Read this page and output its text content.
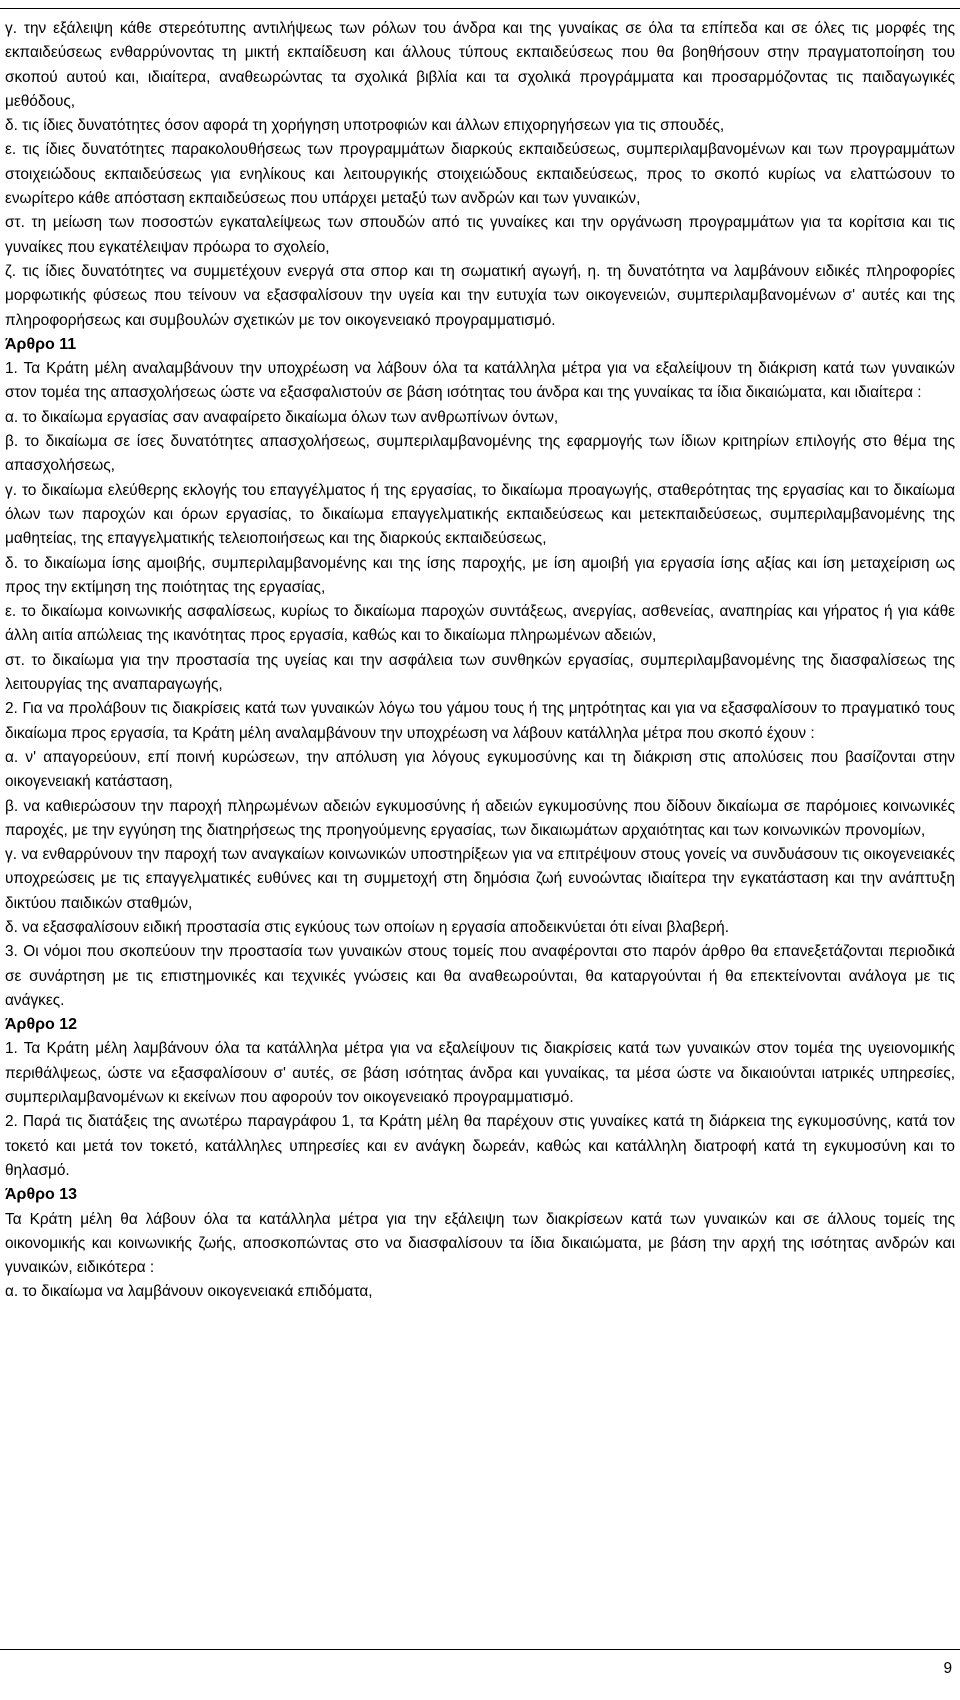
γ. την εξάλειψη κάθε στερεότυπης αντιλήψεως των ρόλων του άνδρα και της γυναίκας σε όλα τα επίπεδα και σε όλες τις μορφές της εκπαιδεύσεως ενθαρρύνοντας τη μικτή εκπαίδευση και άλλους τύπους εκπαιδεύσεως που θα βοηθήσουν στην πραγματοποίηση του σκοπού αυτού και, ιδιαίτερα, αναθεωρώντας τα σχολικά βιβλία και τα σχολικά προγράμματα και προσαρμόζοντας τις παιδαγωγικές μεθόδους,

δ. τις ίδιες δυνατότητες όσον αφορά τη χορήγηση υποτροφιών και άλλων επιχορηγήσεων για τις σπουδές,

ε. τις ίδιες δυνατότητες παρακολουθήσεως των προγραμμάτων διαρκούς εκπαιδεύσεως, συμπεριλαμβανομένων και των προγραμμάτων στοιχειώδους εκπαιδεύσεως για ενηλίκους και λειτουργικής στοιχειώδους εκπαιδεύσεως, προς το σκοπό κυρίως να ελαττώσουν το ενωρίτερο κάθε απόσταση εκπαιδεύσεως που υπάρχει μεταξύ των ανδρών και των γυναικών,

στ. τη μείωση των ποσοστών εγκαταλείψεως των σπουδών από τις γυναίκες και την οργάνωση προγραμμάτων για τα κορίτσια και τις γυναίκες που εγκατέλειψαν πρόωρα το σχολείο,

ζ. τις ίδιες δυνατότητες να συμμετέχουν ενεργά στα σπορ και τη σωματική αγωγή, η. τη δυνατότητα να λαμβάνουν ειδικές πληροφορίες μορφωτικής φύσεως που τείνουν να εξασφαλίσουν την υγεία και την ευτυχία των οικογενειών, συμπεριλαμβανομένων σ' αυτές και της πληροφορήσεως και συμβουλών σχετικών με τον οικογενειακό προγραμματισμό.

Άρθρο 11

1. Τα Κράτη μέλη αναλαμβάνουν την υποχρέωση να λάβουν όλα τα κατάλληλα μέτρα για να εξαλείψουν τη διάκριση κατά των γυναικών στον τομέα της απασχολήσεως ώστε να εξασφαλιστούν σε βάση ισότητας του άνδρα και της γυναίκας τα ίδια δικαιώματα, και ιδιαίτερα :

α. το δικαίωμα εργασίας σαν αναφαίρετο δικαίωμα όλων των ανθρωπίνων όντων,

β. το δικαίωμα σε ίσες δυνατότητες απασχολήσεως, συμπεριλαμβανομένης της εφαρμογής των ίδιων κριτηρίων επιλογής στο θέμα της απασχολήσεως,

γ. το δικαίωμα ελεύθερης εκλογής του επαγγέλματος ή της εργασίας, το δικαίωμα προαγωγής, σταθερότητας της εργασίας και το δικαίωμα όλων των παροχών και όρων εργασίας, το δικαίωμα επαγγελματικής εκπαιδεύσεως και μετεκπαιδεύσεως, συμπεριλαμβανομένης της μαθητείας, της επαγγελματικής τελειοποιήσεως και της διαρκούς εκπαιδεύσεως,

δ. το δικαίωμα ίσης αμοιβής, συμπεριλαμβανομένης και της ίσης παροχής, με ίση αμοιβή για εργασία ίσης αξίας και ίση μεταχείριση ως προς την εκτίμηση της ποιότητας της εργασίας,

ε. το δικαίωμα κοινωνικής ασφαλίσεως, κυρίως το δικαίωμα παροχών συντάξεως, ανεργίας, ασθενείας, αναπηρίας και γήρατος ή για κάθε άλλη αιτία απώλειας της ικανότητας προς εργασία, καθώς και το δικαίωμα πληρωμένων αδειών,

στ. το δικαίωμα για την προστασία της υγείας και την ασφάλεια των συνθηκών εργασίας, συμπεριλαμβανομένης της διασφαλίσεως της λειτουργίας της αναπαραγωγής,

2. Για να προλάβουν τις διακρίσεις κατά των γυναικών λόγω του γάμου τους ή της μητρότητας και για να εξασφαλίσουν το πραγματικό τους δικαίωμα προς εργασία, τα Κράτη μέλη αναλαμβάνουν την υποχρέωση να λάβουν κατάλληλα μέτρα που σκοπό έχουν :

α. ν' απαγορεύουν, επί ποινή κυρώσεων, την απόλυση για λόγους εγκυμοσύνης και τη διάκριση στις απολύσεις που βασίζονται στην οικογενειακή κατάσταση,

β. να καθιερώσουν την παροχή πληρωμένων αδειών εγκυμοσύνης ή αδειών εγκυμοσύνης που δίδουν δικαίωμα σε παρόμοιες κοινωνικές παροχές, με την εγγύηση της διατηρήσεως της προηγούμενης εργασίας, των δικαιωμάτων αρχαιότητας και των κοινωνικών προνομίων,

γ. να ενθαρρύνουν την παροχή των αναγκαίων κοινωνικών υποστηρίξεων για να επιτρέψουν στους γονείς να συνδυάσουν τις οικογενειακές υποχρεώσεις με τις επαγγελματικές ευθύνες και τη συμμετοχή στη δημόσια ζωή ευνοώντας ιδιαίτερα την εγκατάσταση και την ανάπτυξη δικτύου παιδικών σταθμών,

δ. να εξασφαλίσουν ειδική προστασία στις εγκύους των οποίων η εργασία αποδεικνύεται ότι είναι βλαβερή.

3. Οι νόμοι που σκοπεύουν την προστασία των γυναικών στους τομείς που αναφέρονται στο παρόν άρθρο θα επανεξετάζονται περιοδικά σε συνάρτηση με τις επιστημονικές και τεχνικές γνώσεις και θα αναθεωρούνται, θα καταργούνται ή θα επεκτείνονται ανάλογα με τις ανάγκες.

Άρθρο 12

1. Τα Κράτη μέλη λαμβάνουν όλα τα κατάλληλα μέτρα για να εξαλείψουν τις διακρίσεις κατά των γυναικών στον τομέα της υγειονομικής περιθάλψεως, ώστε να εξασφαλίσουν σ' αυτές, σε βάση ισότητας άνδρα και γυναίκας, τα μέσα ώστε να δικαιούνται ιατρικές υπηρεσίες, συμπεριλαμβανομένων κι εκείνων που αφορούν τον οικογενειακό προγραμματισμό.

2. Παρά τις διατάξεις της ανωτέρω παραγράφου 1, τα Κράτη μέλη θα παρέχουν στις γυναίκες κατά τη διάρκεια της εγκυμοσύνης, κατά τον τοκετό και μετά τον τοκετό, κατάλληλες υπηρεσίες και εν ανάγκη δωρεάν, καθώς και κατάλληλη διατροφή κατά τη εγκυμοσύνη και το θηλασμό.

Άρθρο 13

Τα Κράτη μέλη θα λάβουν όλα τα κατάλληλα μέτρα για την εξάλειψη των διακρίσεων κατά των γυναικών και σε άλλους τομείς της οικονομικής και κοινωνικής ζωής, αποσκοπώντας στο να διασφαλίσουν τα ίδια δικαιώματα, με βάση την αρχή της ισότητας ανδρών και γυναικών, ειδικότερα :

α. το δικαίωμα να λαμβάνουν οικογενειακά επιδόματα,

9
